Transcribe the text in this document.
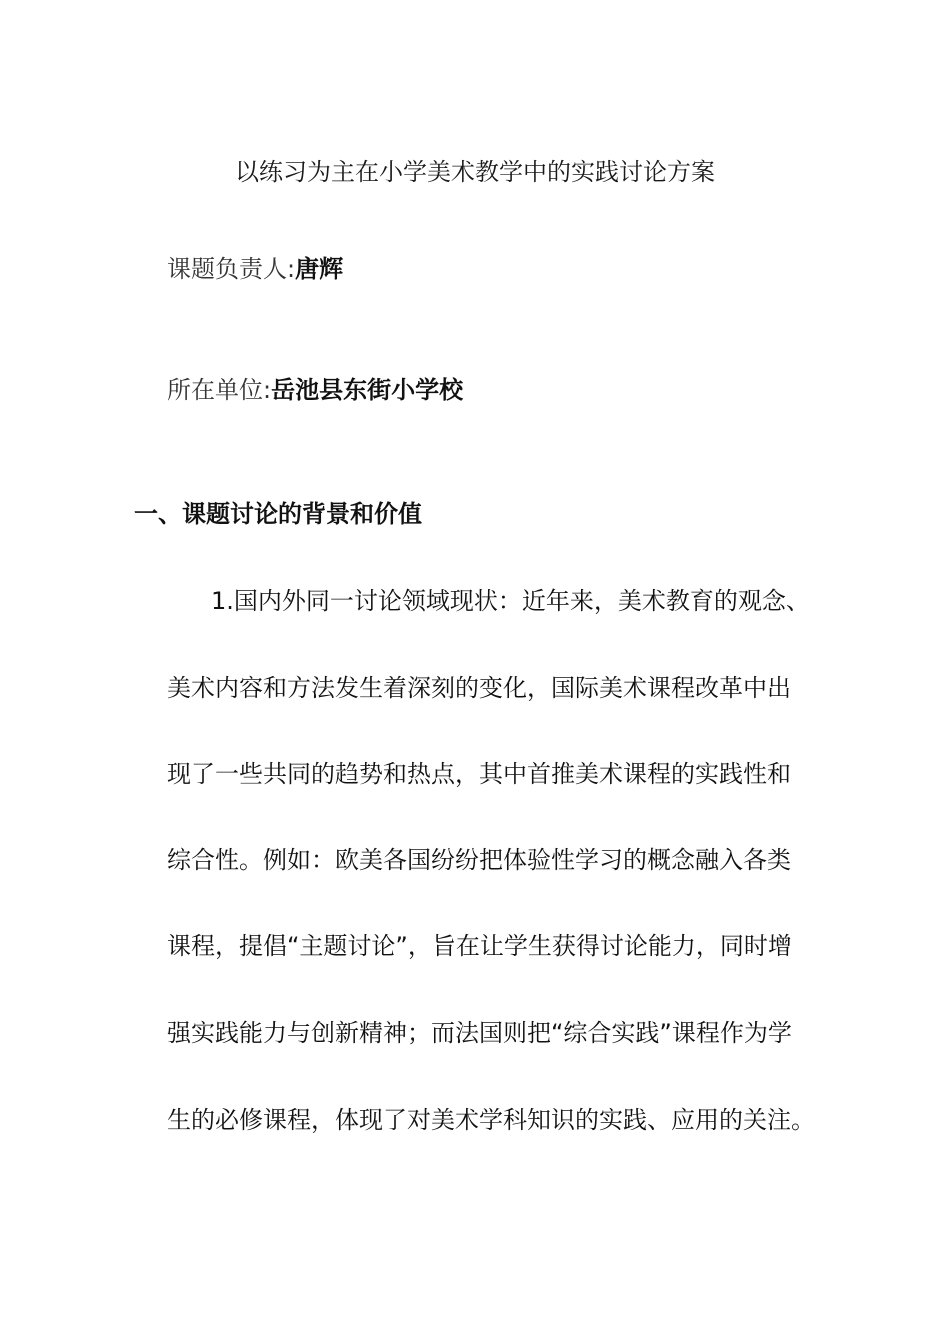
以练习为主在小学美术教学中的实践讨论方案
课题负责人:唐辉
所在单位:岳池县东街小学校
一、课题讨论的背景和价值
1.国内外同一讨论领域现状：近年来，美术教育的观念、
美术内容和方法发生着深刻的变化，国际美术课程改革中出
现了一些共同的趋势和热点，其中首推美术课程的实践性和
综合性。例如：欧美各国纷纷把体验性学习的概念融入各类
课程，提倡“主题讨论”，旨在让学生获得讨论能力，同时增
强实践能力与创新精神；而法国则把“综合实践”课程作为学
生的必修课程，体现了对美术学科知识的实践、应用的关注。
